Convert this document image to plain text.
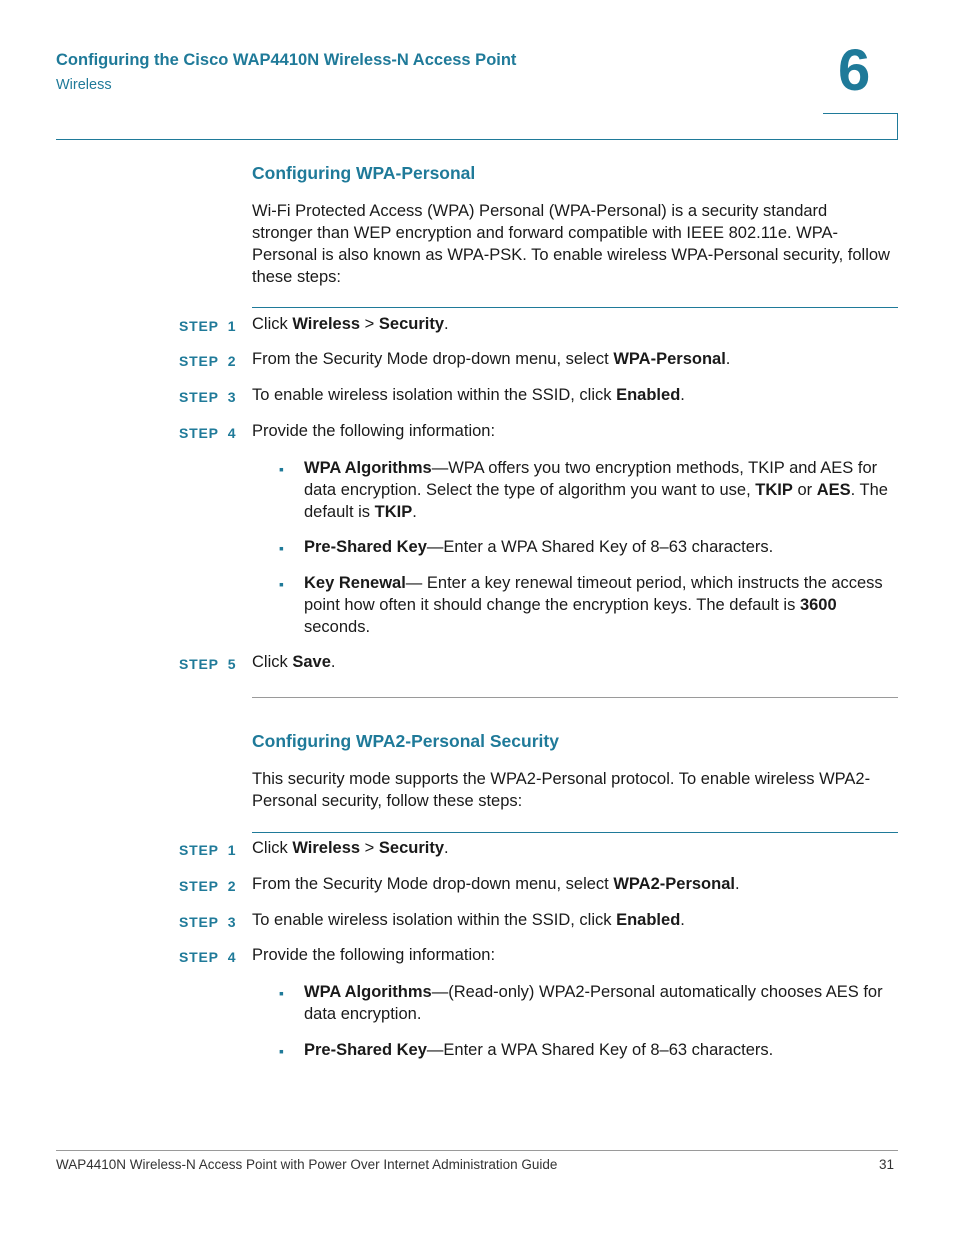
Configuring the Cisco WAP4410N Wireless-N Access Point
Wireless	6
Configuring WPA-Personal
Wi-Fi Protected Access (WPA) Personal (WPA-Personal) is a security standard stronger than WEP encryption and forward compatible with IEEE 802.11e. WPA-Personal is also known as WPA-PSK. To enable wireless WPA-Personal security, follow these steps:
STEP 1 Click Wireless > Security.
STEP 2 From the Security Mode drop-down menu, select WPA-Personal.
STEP 3 To enable wireless isolation within the SSID, click Enabled.
STEP 4 Provide the following information:
▪ WPA Algorithms—WPA offers you two encryption methods, TKIP and AES for data encryption. Select the type of algorithm you want to use, TKIP or AES. The default is TKIP.
▪ Pre-Shared Key—Enter a WPA Shared Key of 8–63 characters.
▪ Key Renewal— Enter a key renewal timeout period, which instructs the access point how often it should change the encryption keys. The default is 3600 seconds.
STEP 5 Click Save.
Configuring WPA2-Personal Security
This security mode supports the WPA2-Personal protocol. To enable wireless WPA2-Personal security, follow these steps:
STEP 1 Click Wireless > Security.
STEP 2 From the Security Mode drop-down menu, select WPA2-Personal.
STEP 3 To enable wireless isolation within the SSID, click Enabled.
STEP 4 Provide the following information:
▪ WPA Algorithms—(Read-only) WPA2-Personal automatically chooses AES for data encryption.
▪ Pre-Shared Key—Enter a WPA Shared Key of 8–63 characters.
WAP4410N Wireless-N Access Point with Power Over Internet Administration Guide	31
